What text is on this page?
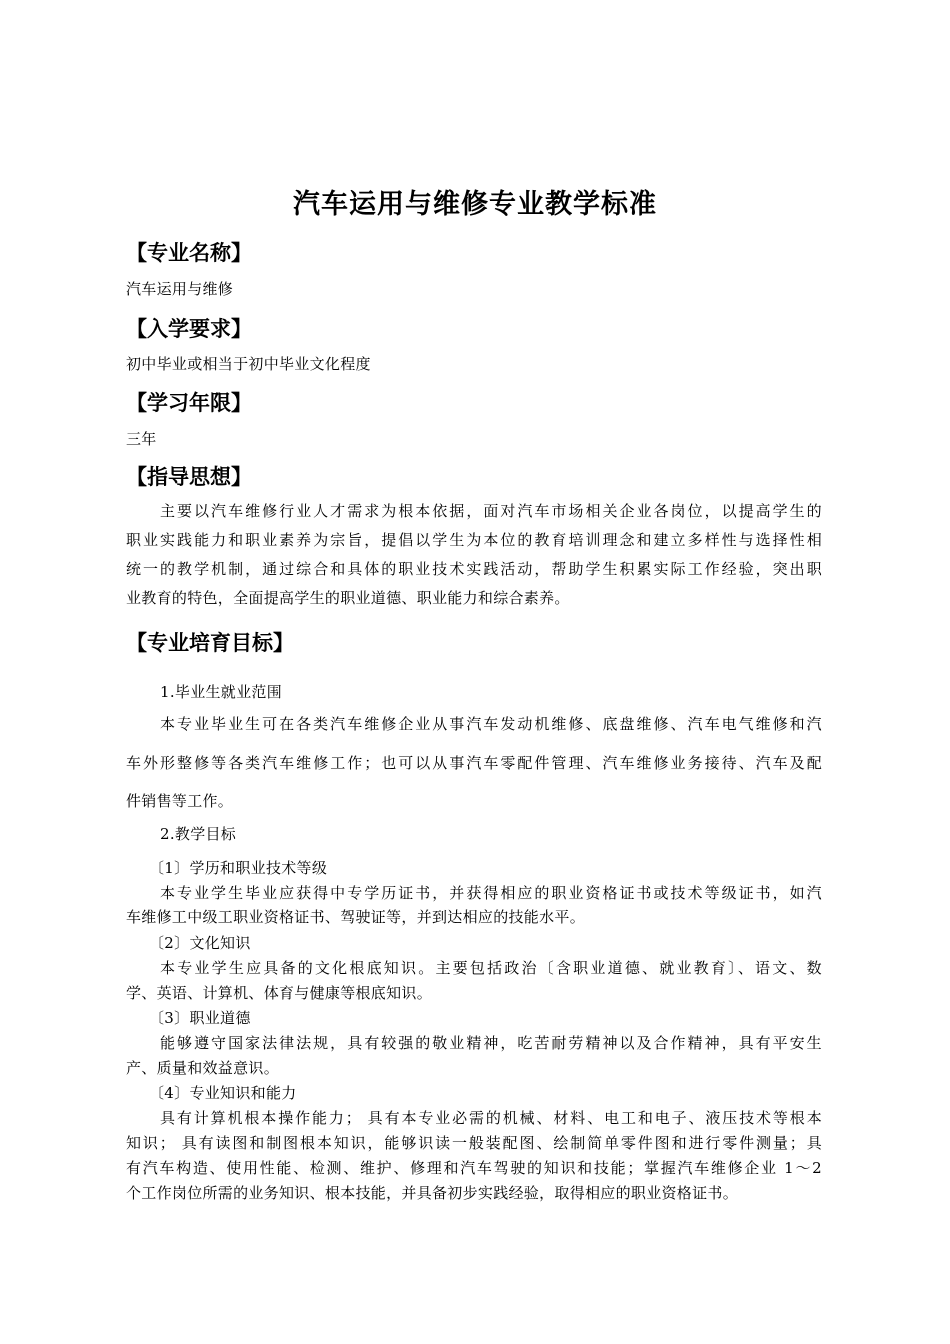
汽车运用与维修专业教学标准
【专业名称】

汽车运用与维修

【入学要求】

初中毕业或相当于初中毕业文化程度

【学习年限】

三年

【指导思想】

主要以汽车维修行业人才需求为根本依据，面对汽车市场相关企业各岗位，以提高学生的

职业实践能力和职业素养为宗旨，提倡以学生为本位的教育培训理念和建立多样性与选择性相

统一的教学机制，通过综合和具体的职业技术实践活动，帮助学生积累实际工作经验，突出职

业教育的特色，全面提高学生的职业道德、职业能力和综合素养。

【专业培育目标】

1.毕业生就业范围

本专业毕业生可在各类汽车维修企业从事汽车发动机维修、底盘维修、汽车电气维修和汽

车外形整修等各类汽车维修工作；也可以从事汽车零配件管理、汽车维修业务接待、汽车及配

件销售等工作。

2.教学目标

〔1〕学历和职业技术等级

本专业学生毕业应获得中专学历证书，并获得相应的职业资格证书或技术等级证书，如汽

车维修工中级工职业资格证书、驾驶证等，并到达相应的技能水平。

〔2〕文化知识

本专业学生应具备的文化根底知识。主要包括政治〔含职业道德、就业教育〕、语文、数

学、英语、计算机、体育与健康等根底知识。

〔3〕职业道德

能够遵守国家法律法规，具有较强的敬业精神，吃苦耐劳精神以及合作精神，具有平安生

产、质量和效益意识。

〔4〕专业知识和能力

具有计算机根本操作能力； 具有本专业必需的机械、材料、电工和电子、液压技术等根本

知识； 具有读图和制图根本知识，能够识读一般装配图、绘制简单零件图和进行零件测量；具

有汽车构造、使用性能、检测、维护、修理和汽车驾驶的知识和技能；掌握汽车维修企业 1～2

个工作岗位所需的业务知识、根本技能，并具备初步实践经验，取得相应的职业资格证书。
